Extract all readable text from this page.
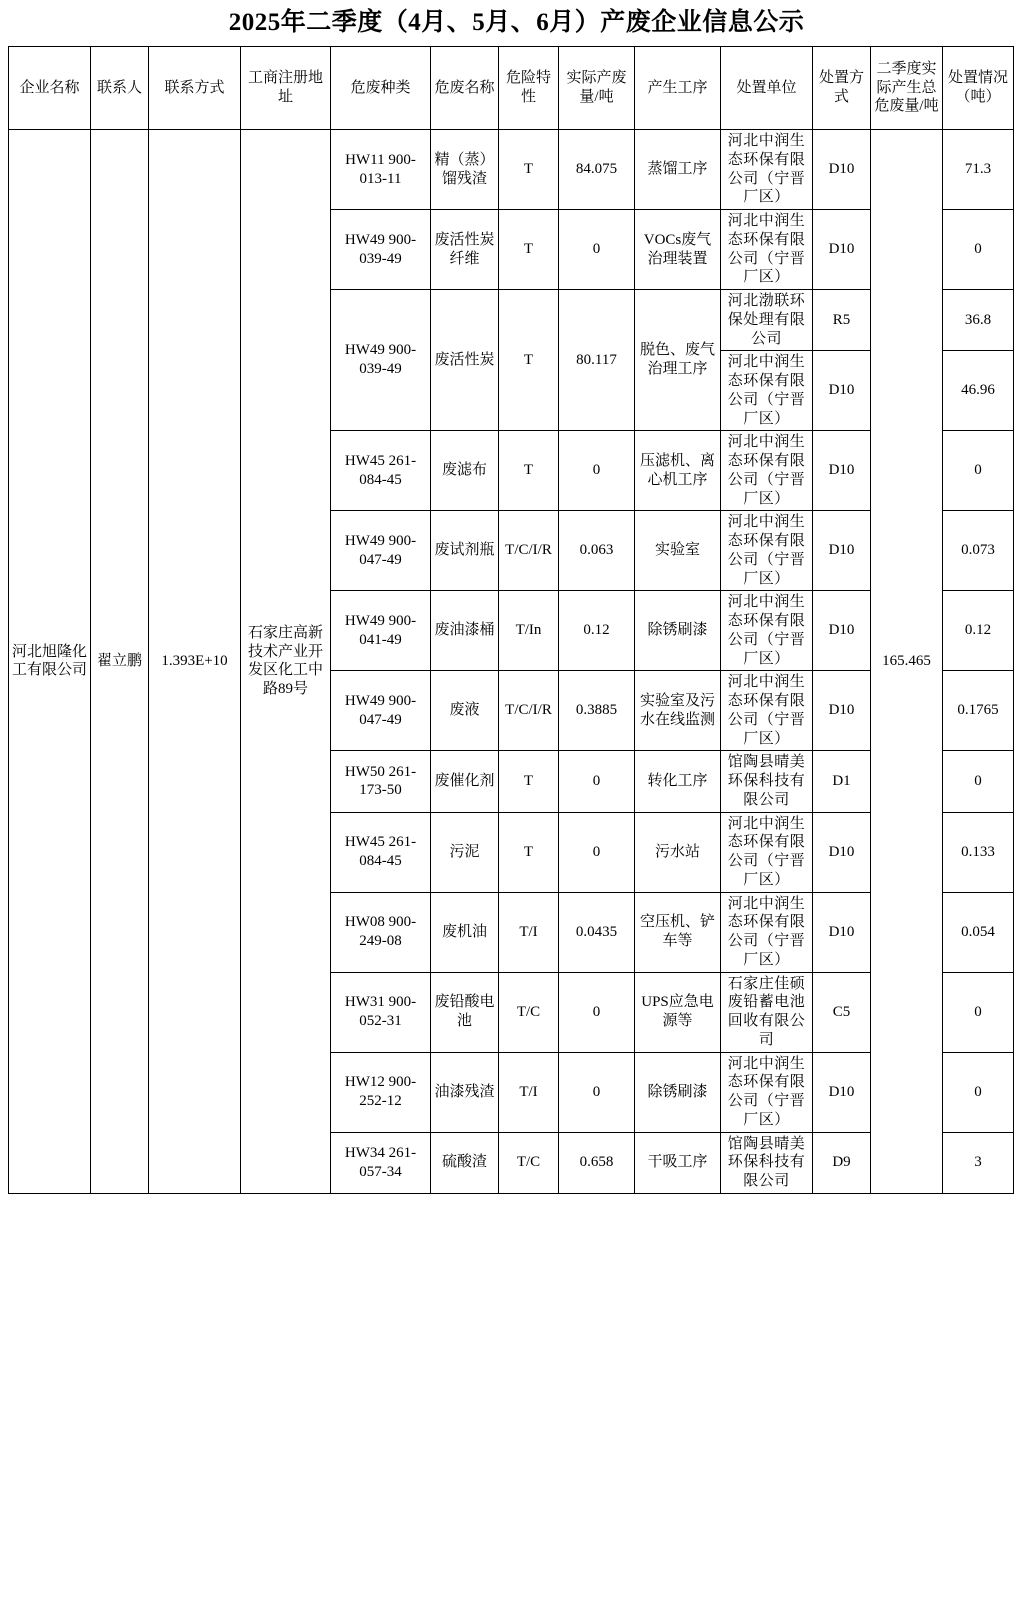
2025年二季度（4月、5月、6月）产废企业信息公示
企业名称	联系人	联系方式	工商注册地址	危废种类	危废名称	危险特性	实际产废量/吨	产生工序	处置单位	处置方式	二季度实际产生总危废量/吨	处置情况（吨）
河北旭隆化工有限公司	翟立鹏	1.393E+10	石家庄高新技术产业开发区化工中路89号	HW11 900-013-11	精（蒸）馏残渣	T	84.075	蒸馏工序	河北中润生态环保有限公司（宁晋厂区）	D10	165.465	71.3
				HW49 900-039-49	废活性炭纤维	T	0	VOCs废气治理装置	河北中润生态环保有限公司（宁晋厂区）	D10		0
				HW49 900-039-49	废活性炭	T	80.117	脱色、废气治理工序	河北渤联环保处理有限公司	R5		36.8
									河北中润生态环保有限公司（宁晋厂区）	D10		46.96
				HW45 261-084-45	废滤布	T	0	压滤机、离心机工序	河北中润生态环保有限公司（宁晋厂区）	D10		0
				HW49 900-047-49	废试剂瓶	T/C/I/R	0.063	实验室	河北中润生态环保有限公司（宁晋厂区）	D10		0.073
				HW49 900-041-49	废油漆桶	T/In	0.12	除锈刷漆	河北中润生态环保有限公司（宁晋厂区）	D10		0.12
				HW49 900-047-49	废液	T/C/I/R	0.3885	实验室及污水在线监测	河北中润生态环保有限公司（宁晋厂区）	D10		0.1765
				HW50 261-173-50	废催化剂	T	0	转化工序	馆陶县晴美环保科技有限公司	D1		0
				HW45 261-084-45	污泥	T	0	污水站	河北中润生态环保有限公司（宁晋厂区）	D10		0.133
				HW08 900-249-08	废机油	T/I	0.0435	空压机、铲车等	河北中润生态环保有限公司（宁晋厂区）	D10		0.054
				HW31 900-052-31	废铅酸电池	T/C	0	UPS应急电源等	石家庄佳硕废铅蓄电池回收有限公司	C5		0
				HW12 900-252-12	油漆残渣	T/I	0	除锈刷漆	河北中润生态环保有限公司（宁晋厂区）	D10		0
				HW34 261-057-34	硫酸渣	T/C	0.658	干吸工序	馆陶县晴美环保科技有限公司	D9		3
